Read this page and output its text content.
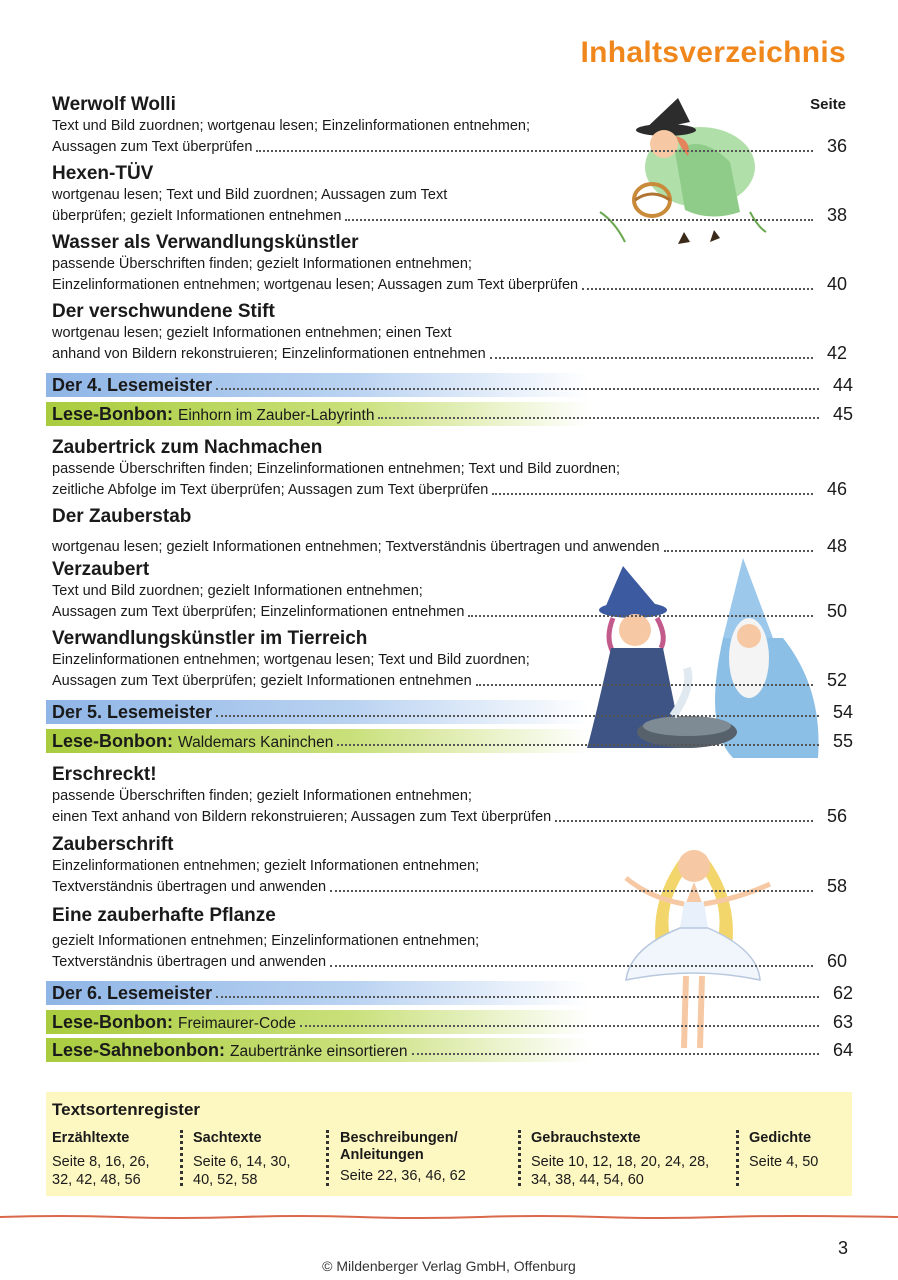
Inhaltsverzeichnis
Seite
Werwolf Wolli
Text und Bild zuordnen; wortgenau lesen; Einzelinformationen entnehmen;
Aussagen zum Text überprüfen	36
Hexen-TÜV
wortgenau lesen; Text und Bild zuordnen; Aussagen zum Text
überprüfen; gezielt Informationen entnehmen	38
Wasser als Verwandlungskünstler
passende Überschriften finden; gezielt Informationen entnehmen;
Einzelinformationen entnehmen; wortgenau lesen; Aussagen zum Text überprüfen	40
Der verschwundene Stift
wortgenau lesen; gezielt Informationen entnehmen; einen Text
anhand von Bildern rekonstruieren; Einzelinformationen entnehmen	42
Der 4. Lesemeister	44
Lese-Bonbon: Einhorn im Zauber-Labyrinth	45
Zaubertrick zum Nachmachen
passende Überschriften finden; Einzelinformationen entnehmen; Text und Bild zuordnen;
zeitliche Abfolge im Text überprüfen; Aussagen zum Text überprüfen	46
Der Zauberstab
wortgenau lesen; gezielt Informationen entnehmen; Textverständnis übertragen und anwenden	48
Verzaubert
Text und Bild zuordnen; gezielt Informationen entnehmen;
Aussagen zum Text überprüfen; Einzelinformationen entnehmen	50
Verwandlungskünstler im Tierreich
Einzelinformationen entnehmen; wortgenau lesen; Text und Bild zuordnen;
Aussagen zum Text überprüfen; gezielt Informationen entnehmen	52
Der 5. Lesemeister	54
Lese-Bonbon: Waldemars Kaninchen	55
Erschreckt!
passende Überschriften finden; gezielt Informationen entnehmen;
einen Text anhand von Bildern rekonstruieren; Aussagen zum Text überprüfen	56
Zauberschrift
Einzelinformationen entnehmen; gezielt Informationen entnehmen;
Textverständnis übertragen und anwenden	58
Eine zauberhafte Pflanze
gezielt Informationen entnehmen; Einzelinformationen entnehmen;
Textverständnis übertragen und anwenden	60
Der 6. Lesemeister	62
Lese-Bonbon: Freimaurer-Code	63
Lese-Sahnebonbon: Zaubertränke einsortieren	64
Textsortenregister
Erzähltexte
Seite 8, 16, 26,
32, 42, 48, 56
Sachtexte
Seite 6, 14, 30,
40, 52, 58
Beschreibungen/
Anleitungen
Seite 22, 36, 46, 62
Gebrauchstexte
Seite 10, 12, 18, 20, 24, 28,
34, 38, 44, 54, 60
Gedichte
Seite 4, 50
3
© Mildenberger Verlag GmbH, Offenburg
